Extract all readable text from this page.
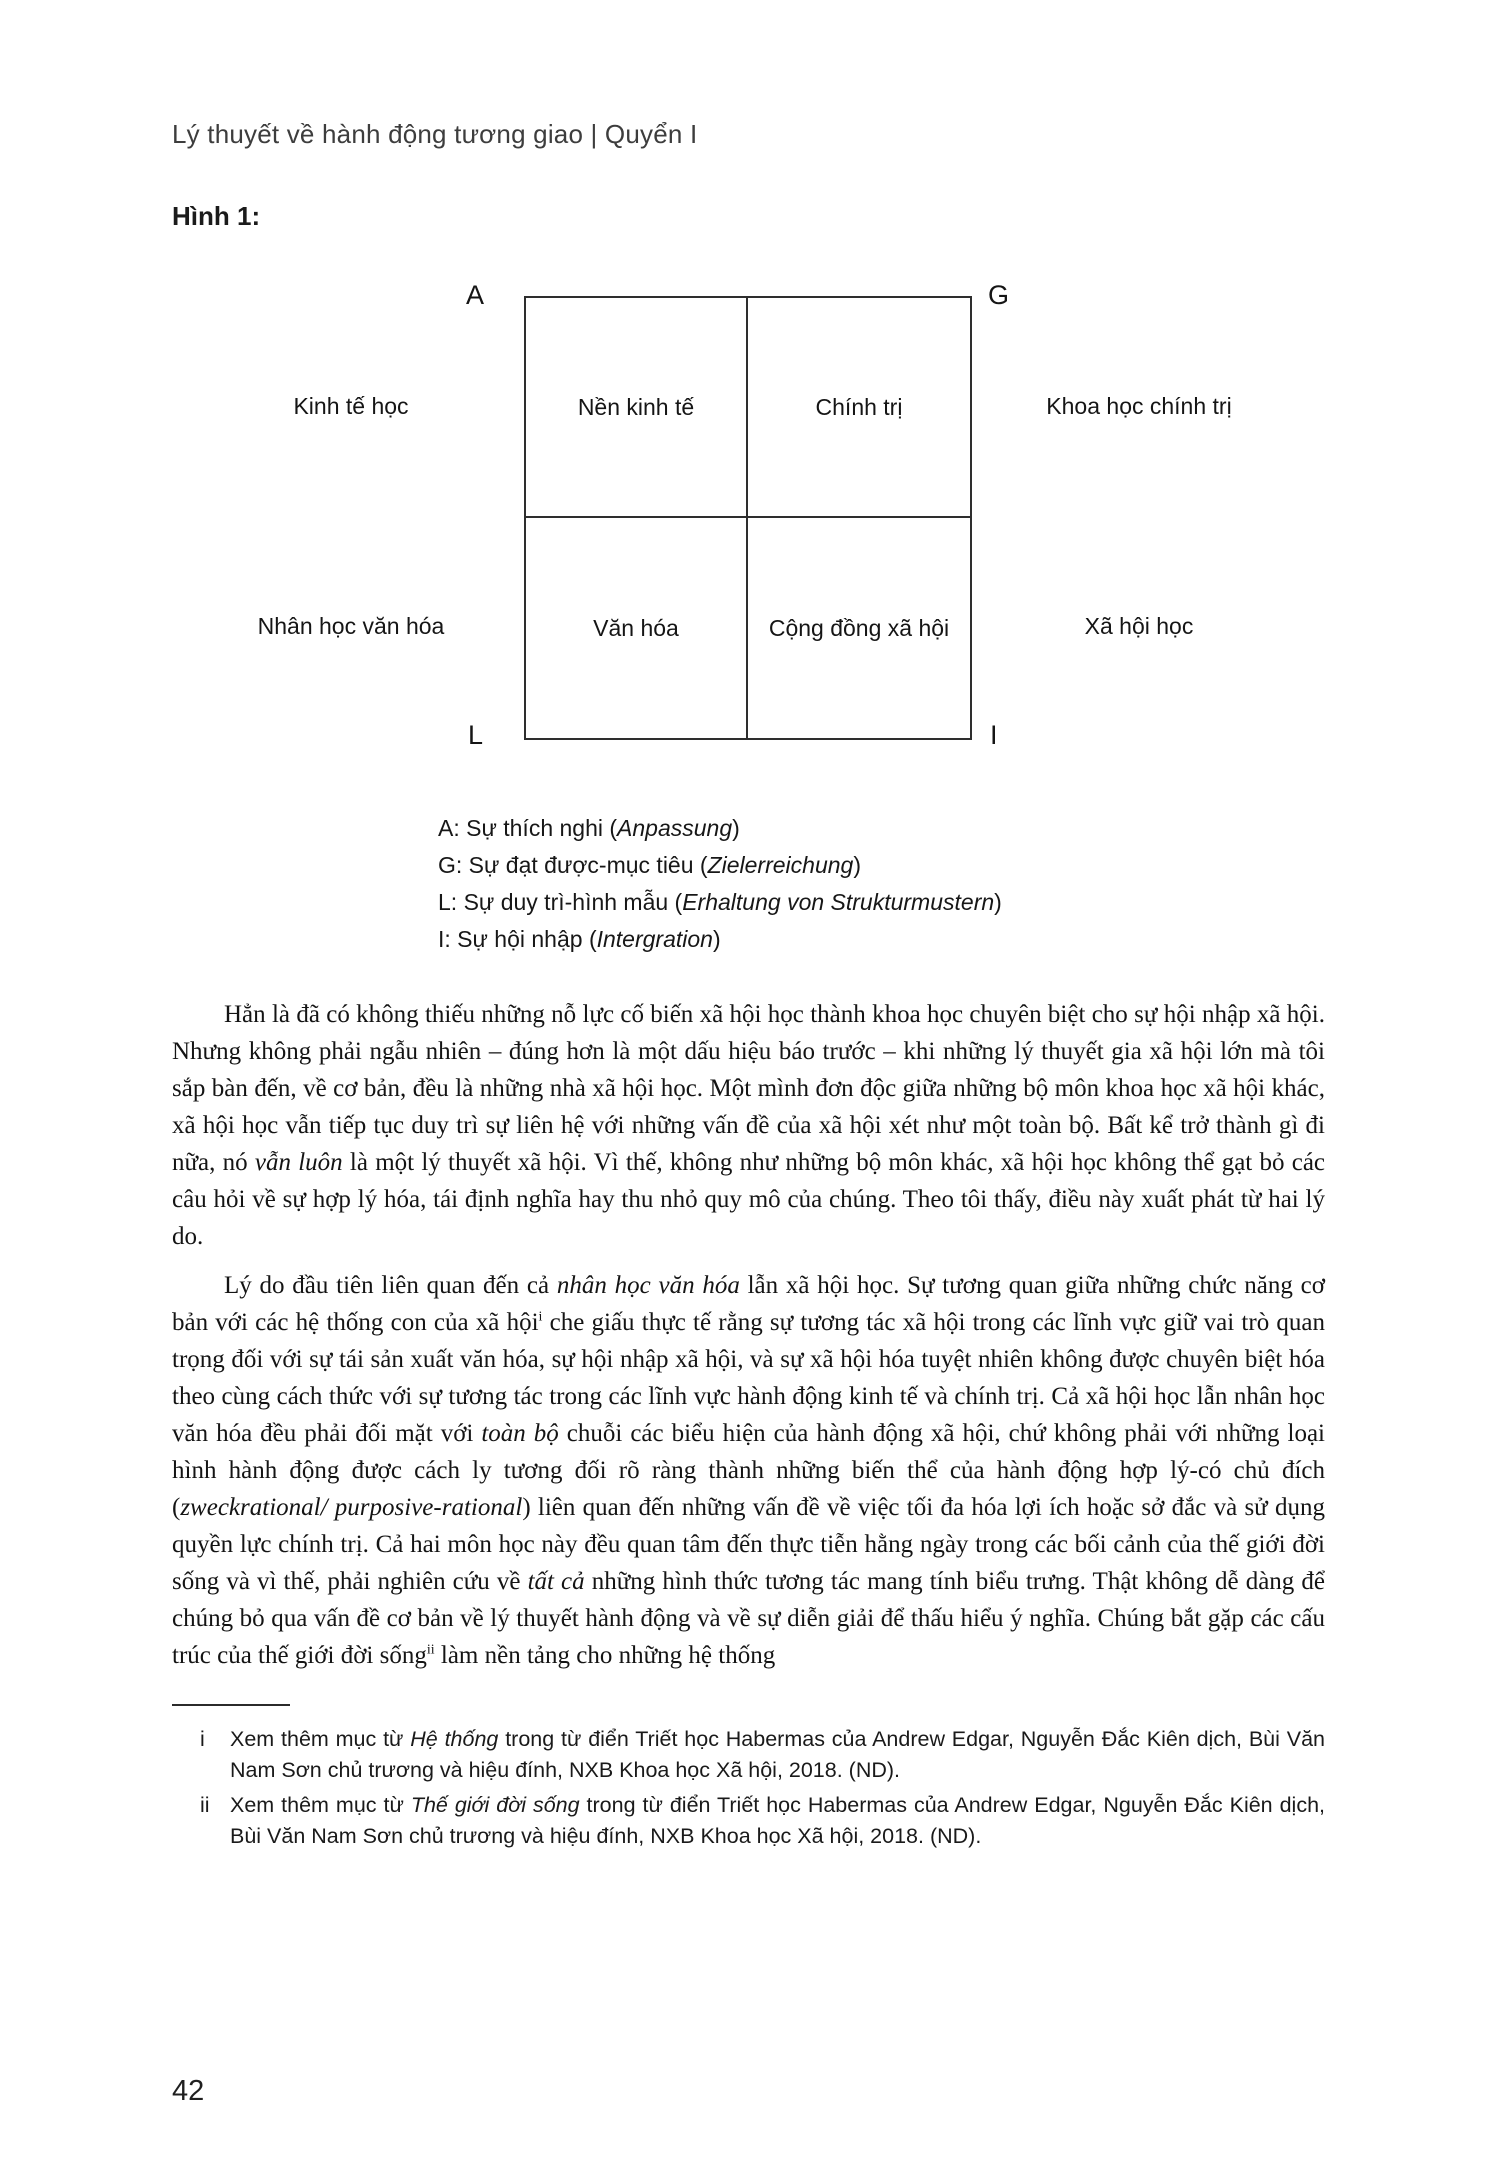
Lý thuyết về hành động tương giao | Quyển I
Hình 1:
A	G
L	I
Kinh tế học
Nhân học văn hóa
Khoa học chính trị
Xã hội học
Nền kinh tế	Chính trị
Văn hóa	Cộng đồng xã hội
A: Sự thích nghi (Anpassung)
G: Sự đạt được-mục tiêu (Zielerreichung)
L: Sự duy trì-hình mẫu (Erhaltung von Strukturmustern)
I: Sự hội nhập (Intergration)

Hẳn là đã có không thiếu những nỗ lực cố biến xã hội học thành khoa học chuyên biệt cho sự hội nhập xã hội. Nhưng không phải ngẫu nhiên – đúng hơn là một dấu hiệu báo trước – khi những lý thuyết gia xã hội lớn mà tôi sắp bàn đến, về cơ bản, đều là những nhà xã hội học. Một mình đơn độc giữa những bộ môn khoa học xã hội khác, xã hội học vẫn tiếp tục duy trì sự liên hệ với những vấn đề của xã hội xét như một toàn bộ. Bất kể trở thành gì đi nữa, nó vẫn luôn là một lý thuyết xã hội. Vì thế, không như những bộ môn khác, xã hội học không thể gạt bỏ các câu hỏi về sự hợp lý hóa, tái định nghĩa hay thu nhỏ quy mô của chúng. Theo tôi thấy, điều này xuất phát từ hai lý do.

Lý do đầu tiên liên quan đến cả nhân học văn hóa lẫn xã hội học. Sự tương quan giữa những chức năng cơ bản với các hệ thống con của xã hội$^i$ che giấu thực tế rằng sự tương tác xã hội trong các lĩnh vực giữ vai trò quan trọng đối với sự tái sản xuất văn hóa, sự hội nhập xã hội, và sự xã hội hóa tuyệt nhiên không được chuyên biệt hóa theo cùng cách thức với sự tương tác trong các lĩnh vực hành động kinh tế và chính trị. Cả xã hội học lẫn nhân học văn hóa đều phải đối mặt với toàn bộ chuỗi các biểu hiện của hành động xã hội, chứ không phải với những loại hình hành động được cách ly tương đối rõ ràng thành những biến thể của hành động hợp lý-có chủ đích (zweckrational/ purposive-rational) liên quan đến những vấn đề về việc tối đa hóa lợi ích hoặc sở đắc và sử dụng quyền lực chính trị. Cả hai môn học này đều quan tâm đến thực tiễn hằng ngày trong các bối cảnh của thế giới đời sống và vì thế, phải nghiên cứu về tất cả những hình thức tương tác mang tính biểu trưng. Thật không dễ dàng để chúng bỏ qua vấn đề cơ bản về lý thuyết hành động và về sự diễn giải để thấu hiểu ý nghĩa. Chúng bắt gặp các cấu trúc của thế giới đời sống$^{ii}$ làm nền tảng cho những hệ thống

i	Xem thêm mục từ Hệ thống trong từ điển Triết học Habermas của Andrew Edgar, Nguyễn Đắc Kiên dịch, Bùi Văn Nam Sơn chủ trương và hiệu đính, NXB Khoa học Xã hội, 2018. (ND).
ii Xem thêm mục từ Thế giới đời sống trong từ điển Triết học Habermas của Andrew Edgar, Nguyễn Đắc Kiên dịch, Bùi Văn Nam Sơn chủ trương và hiệu đính, NXB Khoa học Xã hội, 2018. (ND).
42
